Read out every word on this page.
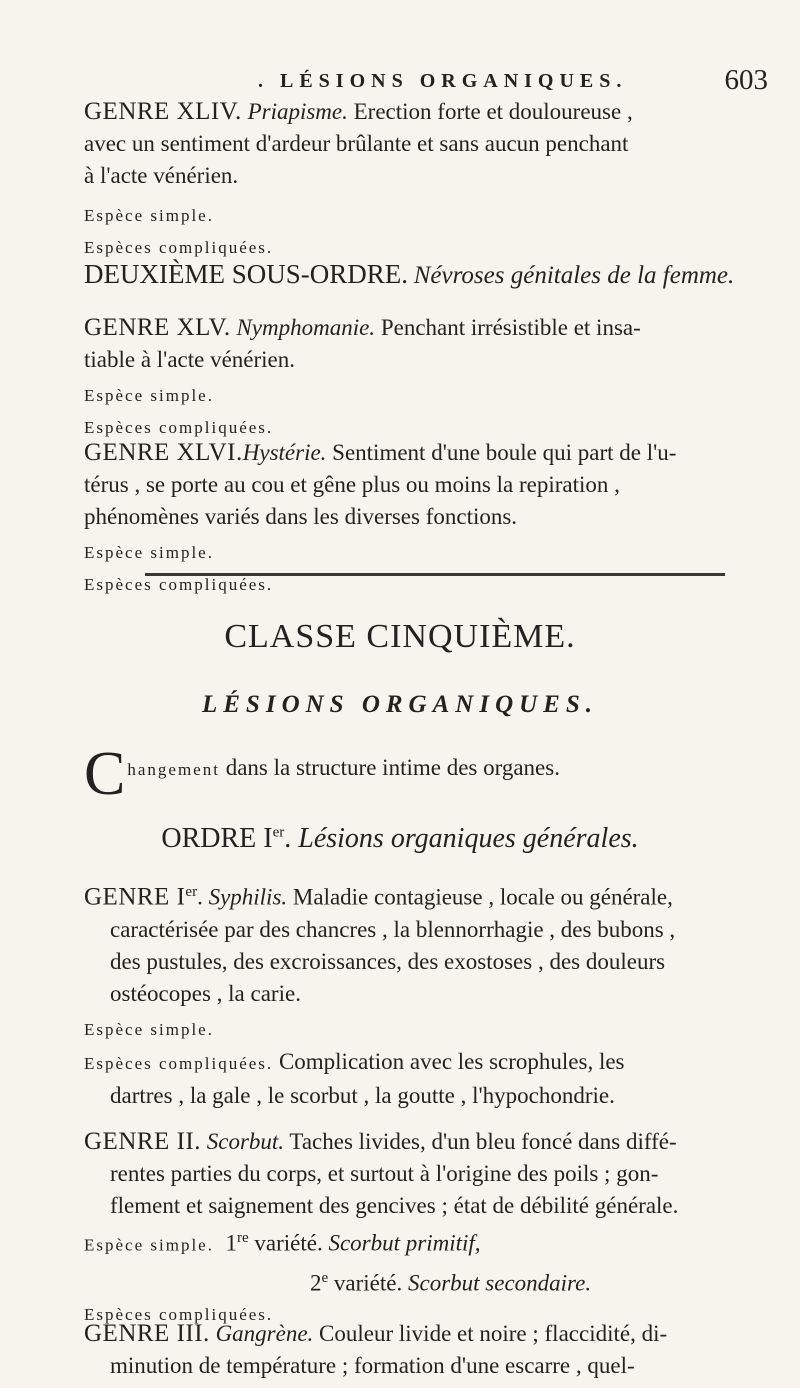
. LÉSIONS ORGANIQUES.	603
GENRE XLIV. Priapisme. Erection forte et douloureuse ,
avec un sentiment d'ardeur brûlante et sans aucun penchant
à l'acte vénérien.
Espèce simple.
Espèces compliquées.
DEUXIÈME SOUS-ORDRE. Névroses génitales de la femme.
GENRE XLV. Nymphomanie. Penchant irrésistible et insa-
tiable à l'acte vénérien.
Espèce simple.
Espèces compliquées.
GENRE XLVI.Hystérie. Sentiment d'une boule qui part de l'u-
térus , se porte au cou et gêne plus ou moins la repiration ,
phénomènes variés dans les diverses fonctions.
Espèce simple.
Espèces compliquées.
CLASSE CINQUIÈME.
LÉSIONS ORGANIQUES.
Changement dans la structure intime des organes.
ORDRE Ier. Lésions organiques générales.
GENRE Ier. Syphilis. Maladie contagieuse , locale ou générale,
caractérisée par des chancres , la blennorrhagie , des bubons ,
des pustules, des excroissances, des exostoses , des douleurs
ostéocopes , la carie.
Espèce simple.
Espèces compliquées. Complication avec les scrophules, les
dartres , la gale , le scorbut , la goutte , l'hypochondrie.
GENRE II. Scorbut. Taches livides, d'un bleu foncé dans diffé-
rentes parties du corps, et surtout à l'origine des poils ; gon-
flement et saignement des gencives ; état de débilité générale.
Espèce simple. 1re variété. Scorbut primitif,
2e variété. Scorbut secondaire.
Espèces compliquées.
GENRE III. Gangrène. Couleur livide et noire ; flaccidité, di-
minution de température ; formation d'une escarre , quel-
